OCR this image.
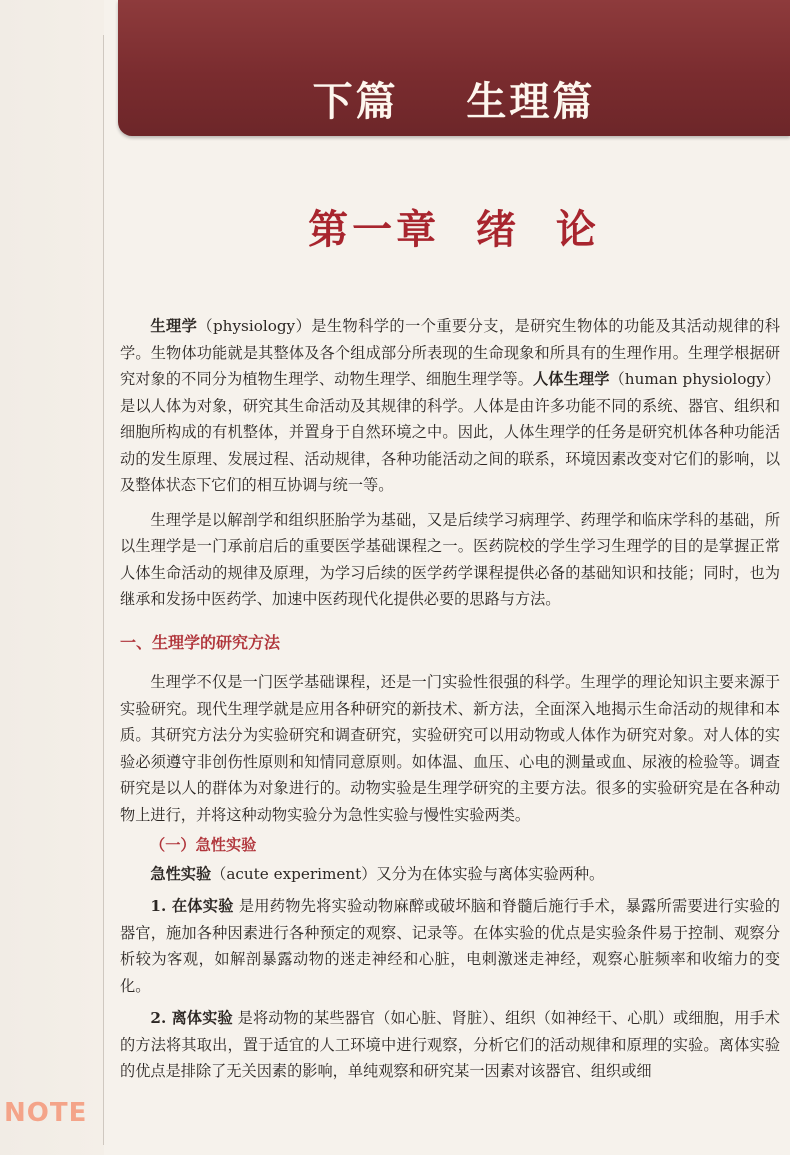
下篇    生理篇
第一章  绪  论

生理学（physiology）是生物科学的一个重要分支，是研究生物体的功能及其活动规律的科学。生物体功能就是其整体及各个组成部分所表现的生命现象和所具有的生理作用。生理学根据研究对象的不同分为植物生理学、动物生理学、细胞生理学等。人体生理学（human physiology）是以人体为对象，研究其生命活动及其规律的科学。人体是由许多功能不同的系统、器官、组织和细胞所构成的有机整体，并置身于自然环境之中。因此，人体生理学的任务是研究机体各种功能活动的发生原理、发展过程、活动规律，各种功能活动之间的联系，环境因素改变对它们的影响，以及整体状态下它们的相互协调与统一等。

生理学是以解剖学和组织胚胎学为基础，又是后续学习病理学、药理学和临床学科的基础，所以生理学是一门承前启后的重要医学基础课程之一。医药院校的学生学习生理学的目的是掌握正常人体生命活动的规律及原理，为学习后续的医学药学课程提供必备的基础知识和技能；同时，也为继承和发扬中医药学、加速中医药现代化提供必要的思路与方法。

一、生理学的研究方法

生理学不仅是一门医学基础课程，还是一门实验性很强的科学。生理学的理论知识主要来源于实验研究。现代生理学就是应用各种研究的新技术、新方法，全面深入地揭示生命活动的规律和本质。其研究方法分为实验研究和调查研究，实验研究可以用动物或人体作为研究对象。对人体的实验必须遵守非创伤性原则和知情同意原则。如体温、血压、心电的测量或血、尿液的检验等。调查研究是以人的群体为对象进行的。动物实验是生理学研究的主要方法。很多的实验研究是在各种动物上进行，并将这种动物实验分为急性实验与慢性实验两类。

（一）急性实验

急性实验（acute experiment）又分为在体实验与离体实验两种。

1. 在体实验 是用药物先将实验动物麻醉或破坏脑和脊髓后施行手术，暴露所需要进行实验的器官，施加各种因素进行各种预定的观察、记录等。在体实验的优点是实验条件易于控制、观察分析较为客观，如解剖暴露动物的迷走神经和心脏，电刺激迷走神经，观察心脏频率和收缩力的变化。

2. 离体实验 是将动物的某些器官（如心脏、肾脏）、组织（如神经干、心肌）或细胞，用手术的方法将其取出，置于适宜的人工环境中进行观察，分析它们的活动规律和原理的实验。离体实验的优点是排除了无关因素的影响，单纯观察和研究某一因素对该器官、组织或细

NOTE
